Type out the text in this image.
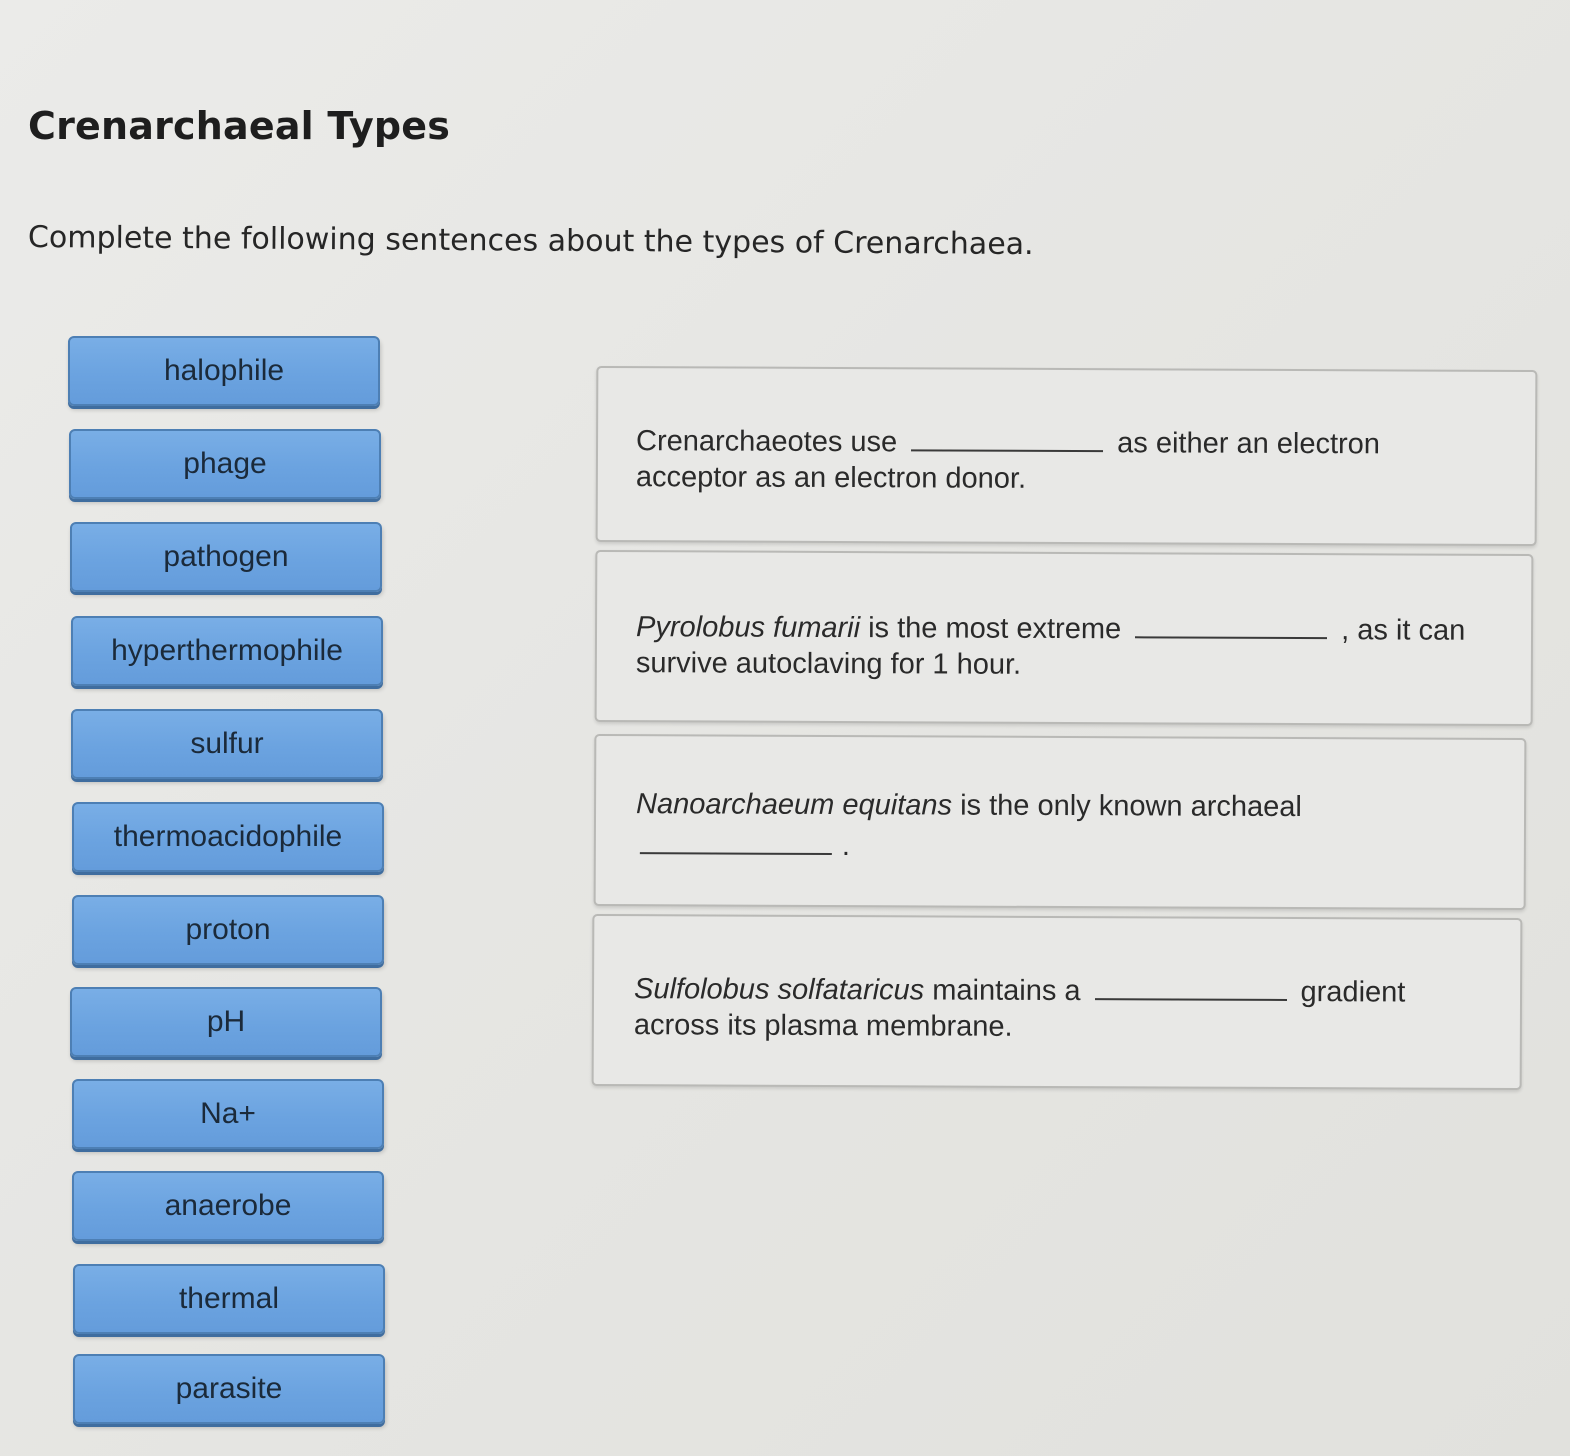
Crenarchaeal Types

Complete the following sentences about the types of Crenarchaea.

halophile
phage
pathogen
hyperthermophile
sulfur
thermoacidophile
proton
pH
Na+
anaerobe
thermal
parasite

Crenarchaeotes use	as either an electron
acceptor as an electron donor.

Pyrolobus fumarii is the most extreme	, as it can
survive autoclaving for 1 hour.

Nanoarchaeum equitans is the only known archaeal
.

Sulfolobus solfataricus maintains a	gradient
across its plasma membrane.
